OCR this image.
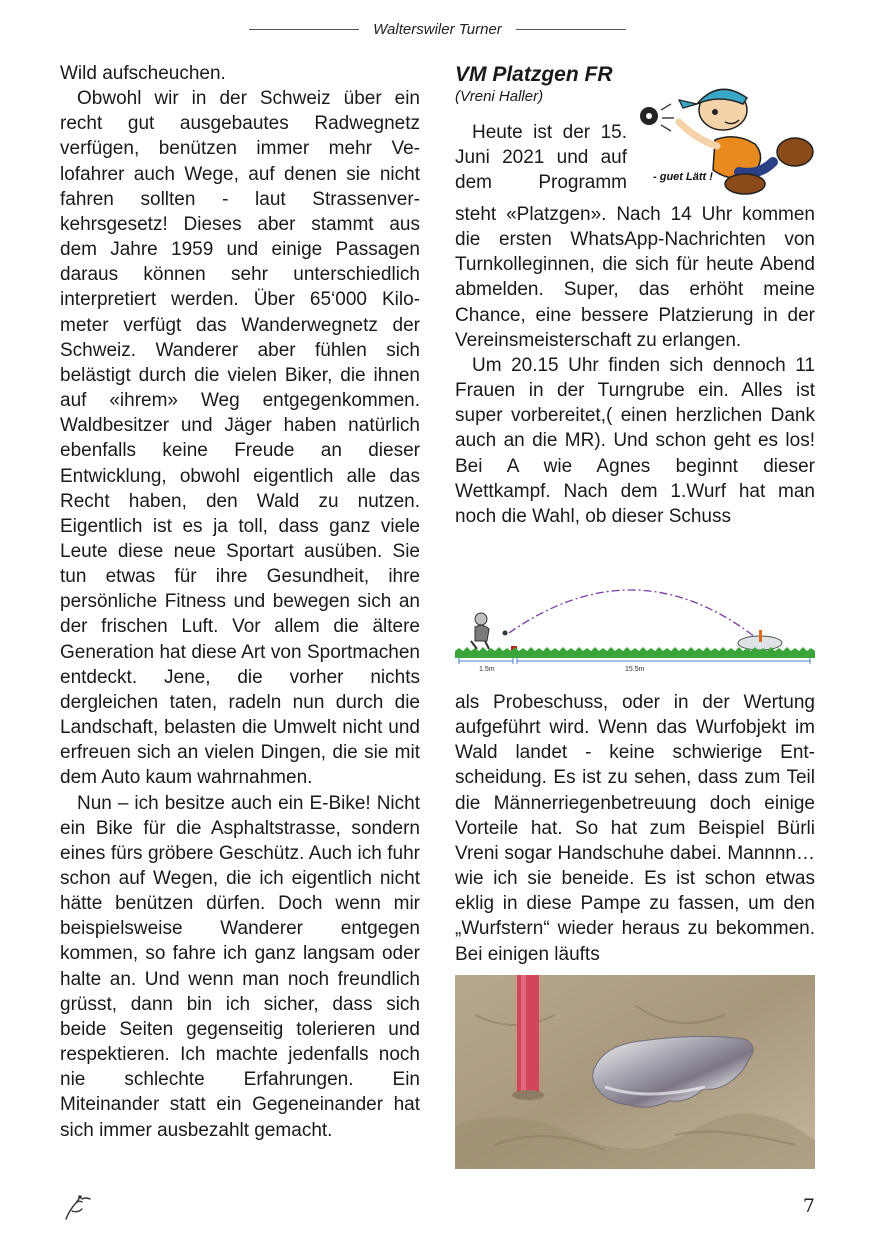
Walterswiler Turner

Wild aufscheuchen.

Obwohl wir in der Schweiz über ein recht gut ausgebautes Radwegnetz verfügen, benützen immer mehr Velofahrer auch Wege, auf denen sie nicht fahren sollten - laut Strassenverkehrsgesetz! Dieses aber stammt aus dem Jahre 1959 und einige Passagen daraus können sehr unterschiedlich interpretiert werden. Über 65‘000 Kilometer verfügt das Wanderwegnetz der Schweiz. Wanderer aber fühlen sich belästigt durch die vielen Biker, die ihnen auf «ihrem» Weg entgegenkommen. Waldbesitzer und Jäger haben natürlich ebenfalls keine Freude an dieser Entwicklung, obwohl eigentlich alle das Recht haben, den Wald zu nutzen. Eigentlich ist es ja toll, dass ganz viele Leute diese neue Sportart ausüben. Sie tun etwas für ihre Gesundheit, ihre persönliche Fitness und bewegen sich an der frischen Luft. Vor allem die ältere Generation hat diese Art von Sportmachen entdeckt. Jene, die vorher nichts dergleichen taten, radeln nun durch die Landschaft, belasten die Umwelt nicht und erfreuen sich an vielen Dingen, die sie mit dem Auto kaum wahrnahmen.

Nun – ich besitze auch ein E-Bike! Nicht ein Bike für die Asphaltstrasse, sondern eines fürs gröbere Geschütz. Auch ich fuhr schon auf Wegen, die ich eigentlich nicht hätte benützen dürfen. Doch wenn mir beispielsweise Wanderer entgegen kommen, so fahre ich ganz langsam oder halte an. Und wenn man noch freundlich grüsst, dann bin ich sicher, dass sich beide Seiten gegenseitig tolerieren und respektieren. Ich machte jedenfalls noch nie schlechte Erfahrungen. Ein Miteinander statt ein Gegeneinander hat sich immer ausbezahlt gemacht.

VM Platzgen FR
(Vreni Haller)
- guet Lätt !

Heute ist der 15.

Juni 2021 und auf

dem Programm

steht «Platzgen». Nach 14 Uhr kommen die ersten WhatsApp-Nachrichten von Turnkolleginnen, die sich für heute Abend abmelden. Super, das erhöht meine Chance, eine bessere Platzierung in der Vereinsmeisterschaft zu erlangen.

Um 20.15 Uhr finden sich dennoch 11 Frauen in der Turngrube ein. Alles ist super vorbereitet,( einen herzlichen Dank auch an die MR). Und schon geht es los! Bei A wie Agnes beginnt dieser Wettkampf. Nach dem 1.Wurf hat man noch die Wahl, ob dieser Schuss

1.5m	15.5m

als Probeschuss, oder in der Wertung aufgeführt wird. Wenn das Wurfobjekt im Wald landet - keine schwierige Entscheidung. Es ist zu sehen, dass zum Teil die Männerriegenbetreuung doch einige Vorteile hat. So hat zum Beispiel Bürli Vreni sogar Handschuhe dabei. Mannnn… wie ich sie beneide. Es ist schon etwas eklig in diese Pampe zu fassen, um den „Wurfstern“ wieder heraus zu bekommen. Bei einigen läufts

7
